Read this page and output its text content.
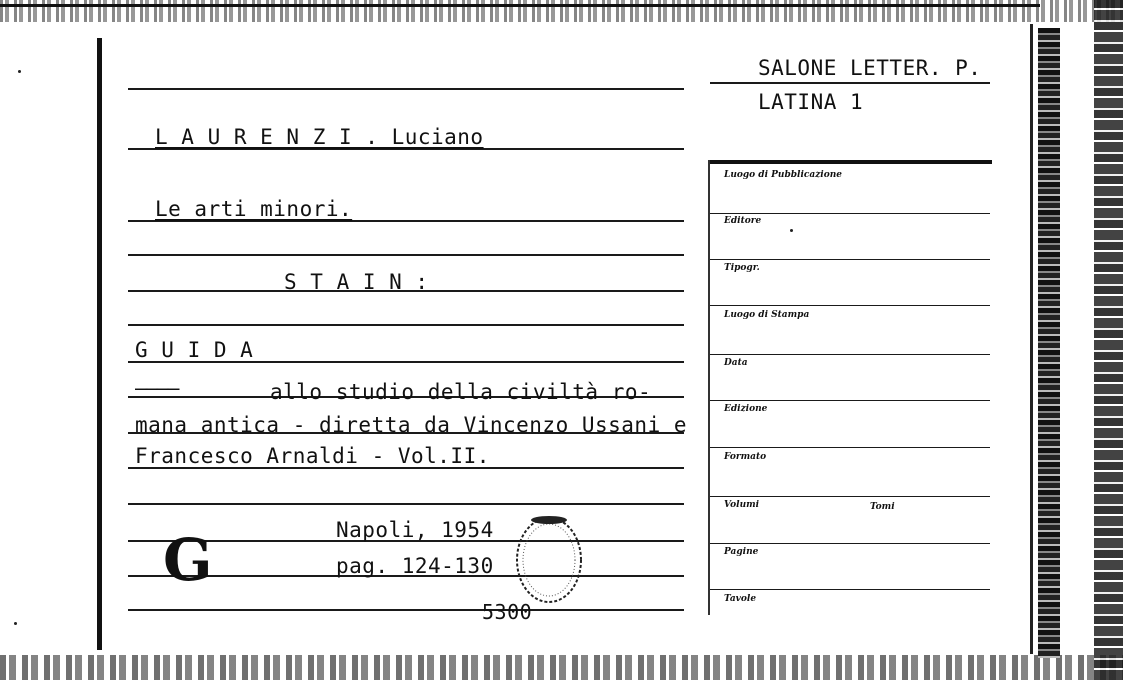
SALONE LETTER. P.
LATINA 1
L A U R E N Z I . Luciano
Le arti minori.
S T A I N :
G U I D A
————	allo studio della civiltà ro-
mana antica - diretta da Vincenzo Ussani e
Francesco Arnaldi - Vol.II.
Napoli, 1954
pag. 124-130
5300
G
Luogo di Pubblicazione
Editore
Tipogr.
Luogo di Stampa
Data
Edizione
Formato
Volumi	Tomi
Pagine
Tavole
